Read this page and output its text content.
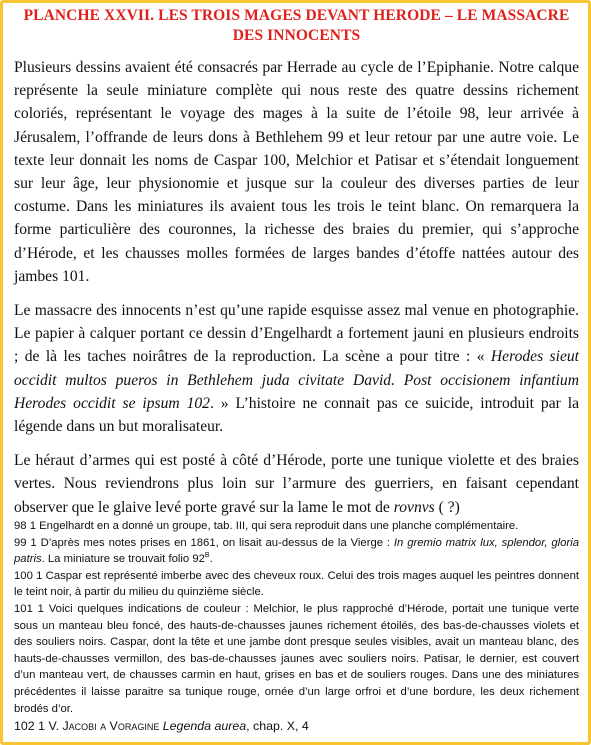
PLANCHE XXVII. LES TROIS MAGES DEVANT HERODE – LE MASSACRE DES INNOCENTS

Plusieurs dessins avaient été consacrés par Herrade au cycle de l’Epiphanie. Notre calque représente la seule miniature complète qui nous reste des quatre dessins richement coloriés, représentant le voyage des mages à la suite de l’étoile 98, leur arrivée à Jérusalem, l’offrande de leurs dons à Bethlehem 99 et leur retour par une autre voie. Le texte leur donnait les noms de Caspar 100, Melchior et Patisar et s’étendait longuement sur leur âge, leur physionomie et jusque sur la couleur des diverses parties de leur costume. Dans les miniatures ils avaient tous les trois le teint blanc. On remarquera la forme particulière des couronnes, la richesse des braies du premier, qui s’approche d’Hérode, et les chausses molles formées de larges bandes d’étoffe nattées autour des jambes 101.

Le massacre des innocents n’est qu’une rapide esquisse assez mal venue en photographie. Le papier à calquer portant ce dessin d’Engelhardt a fortement jauni en plusieurs endroits ; de là les taches noirâtres de la reproduction. La scène a pour titre : « Herodes sieut occidit multos pueros in Bethlehem juda civitate David. Post occisionem infantium Herodes occidit se ipsum 102. » L’histoire ne connait pas ce suicide, introduit par la légende dans un but moralisateur.

Le héraut d’armes qui est posté à côté d’Hérode, porte une tunique violette et des braies vertes. Nous reviendrons plus loin sur l’armure des guerriers, en faisant cependant observer que le glaive levé porte gravé sur la lame le mot de rovnvs ( ?)

98 1 Engelhardt en a donné un groupe, tab. III, qui sera reproduit dans une planche complémentaire.

99 1 D’après mes notes prises en 1861, on lisait au-dessus de la Vierge : In gremio matrix lux, splendor, gloria patris. La miniature se trouvait folio $92^B$.

100 1 Caspar est représenté imberbe avec des cheveux roux. Celui des trois mages auquel les peintres donnent le teint noir, à partir du milieu du quinzième siècle.

101 1 Voici quelques indications de couleur : Melchior, le plus rapproché d’Hérode, portait une tunique verte sous un manteau bleu foncé, des hauts-de-chausses jaunes richement étoilés, des bas-de-chausses violets et des souliers noirs. Caspar, dont la tête et une jambe dont presque seules visibles, avait un manteau blanc, des hauts-de-chausses vermillon, des bas-de-chausses jaunes avec souliers noirs. Patisar, le dernier, est couvert d’un manteau vert, de chausses carmin en haut, grises en bas et de souliers rouges. Dans une des miniatures précédentes il laisse paraitre sa tunique rouge, ornée d’un large orfroi et d’une bordure, les deux richement brodés d’or.

102 1 V. Jacobi a Voragine Legenda aurea, chap. X, 4
